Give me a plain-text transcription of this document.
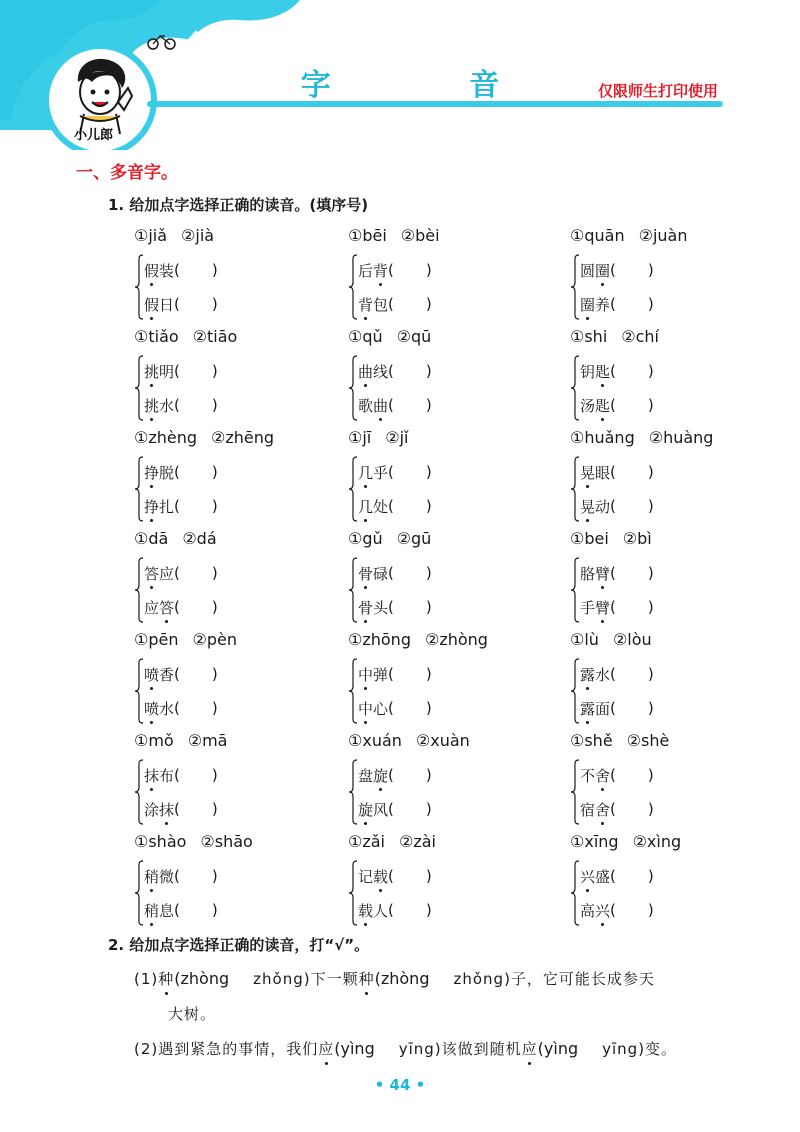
小儿郎
字 音	仅限师生打印使用
一、多音字。
1. 给加点字选择正确的读音。(填序号)
①jiǎ ②jià
假 装 ( )
假 日 ( )
①bēi ②bèi
后 背 ( )
背 包 ( )
①quān ②juàn
圆 圈 ( )
圈 养 ( )
①tiǎo ②tiāo
挑 明 ( )
挑 水 ( )
①qǔ ②qū
曲 线 ( )
歌 曲 ( )
①shi ②chí
钥 匙 ( )
汤 匙 ( )
①zhèng ②zhēng
挣 脱 ( )
挣 扎 ( )
①jī ②jǐ
几 乎 ( )
几 处 ( )
①huǎng ②huàng
晃 眼 ( )
晃 动 ( )
①dā ②dá
答 应 ( )
应 答 ( )
①gǔ ②gū
骨 碌 ( )
骨 头 ( )
①bei ②bì
胳 臂 ( )
手 臂 ( )
①pēn ②pèn
喷 香 ( )
喷 水 ( )
①zhōng ②zhòng
中 弹 ( )
中 心 ( )
①lù ②lòu
露 水 ( )
露 面 ( )
①mǒ ②mā
抹 布 ( )
涂 抹 ( )
①xuán ②xuàn
盘 旋 ( )
旋 风 ( )
①shě ②shè
不 舍 ( )
宿 舍 ( )
①shào ②shāo
稍 微 ( )
稍 息 ( )
①zǎi ②zài
记 载 ( )
载 人 ( )
①xīng ②xìng
兴 盛 ( )
高 兴 ( )
2. 给加点字选择正确的读音，打“√”。
(1)种(zhòng zhǒng)下一颗种(zhòng zhǒng)子，它可能长成参天
大树。
(2)遇到紧急的事情，我们应(yìng yīng)该做到随机应(yìng yīng)变。
• 44 •
